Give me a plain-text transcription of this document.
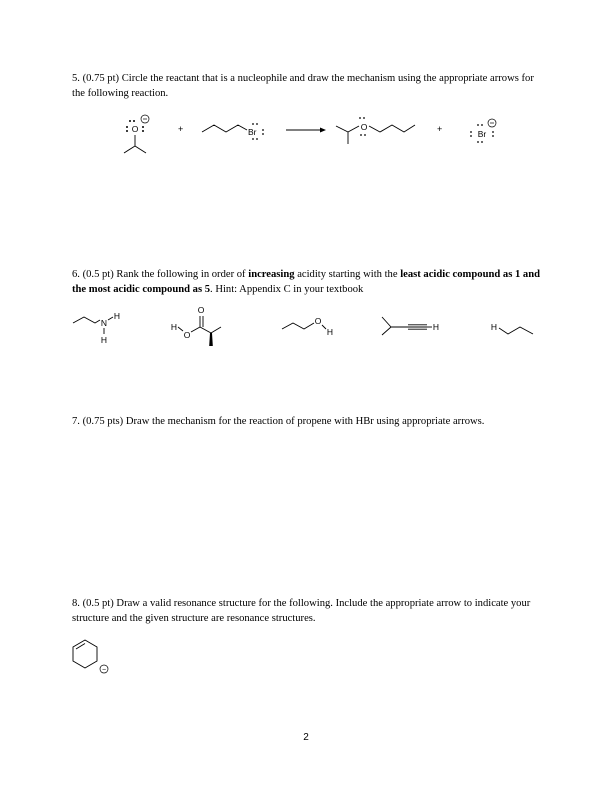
5. (0.75 pt) Circle the reactant that is a nucleophile and draw the mechanism using the appropriate arrows for the following reaction.
O	+	Br	O	+	Br
6. (0.5 pt) Rank the following in order of increasing acidity starting with the least acidic compound as 1 and the most acidic compound as 5. Hint: Appendix C in your textbook
N
H
H
H
O
O
O
H	H	H
7. (0.75 pts) Draw the mechanism for the reaction of propene with HBr using appropriate arrows.
8. (0.5 pt) Draw a valid resonance structure for the following. Include the appropriate arrow to indicate your structure and the given structure are resonance structures.
−
2
